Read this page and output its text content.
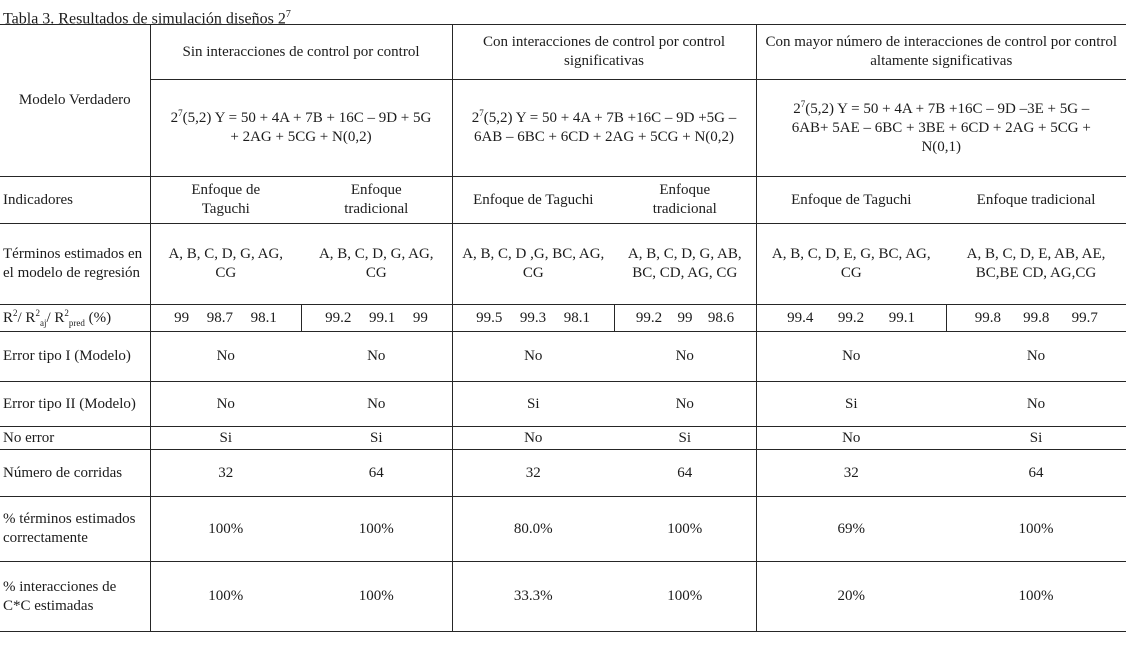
Tabla 3. Resultados de simulación diseños $2^7$
Modelo Verdadero	Sin interacciones de control por control		Con interacciones de control por control significativas		Con mayor número de interacciones de control por control altamente significativas	
	$2^7(5,2) Y = 50 + 4A + 7B + 16C - 9D + 5G + 2AG + 5CG + N(0,2)$		$2^7(5,2) Y = 50 + 4A + 7B +16C - 9D +5G - 6AB - 6BC + 6CD + 2AG + 5CG + N(0,2)$		$2^7(5,2) Y = 50 + 4A + 7B +16C - 9D$ –3E + 5G – 6AB+ 5AE – 6BC + 3BE + 6CD + 2AG + 5CG + N(0,1)	
Indicadores	Enfoque de Taguchi	Enfoque tradicional	Enfoque de Taguchi	Enfoque tradicional	Enfoque de Taguchi	Enfoque tradicional
Términos estimados en el modelo de regresión	A, B, C, D, G, AG, CG	A, B, C, D, G, AG, CG	A, B, C, D ,G, BC, AG, CG	A, B, C, D, G, AB, BC, CD, AG, CG	A, B, C, D, E, G, BC, AG, CG	A, B, C, D, E, AB, AE, BC,BE CD, AG,CG
$R^2/$ $R^2_{aj}/$ $R^2_{pred}$ (%)	99 98.7 98.1	99.2 99.1 99	99.5 99.3 98.1	99.2 99 98.6	99.4 99.2 99.1	99.8 99.8 99.7

Error tipo I (Modelo)	No	No	No	No	No	No
Error tipo II (Modelo)	No	No	Si	No	Si	No
No error	Si	Si	No	Si	No	Si
Número de corridas	32	64	32	64	32	64
% términos estimados correctamente	100%	100%	80.0%	100%	69%	100%
% interacciones de C*C estimadas	100%	100%	33.3%	100%	20%	100%
